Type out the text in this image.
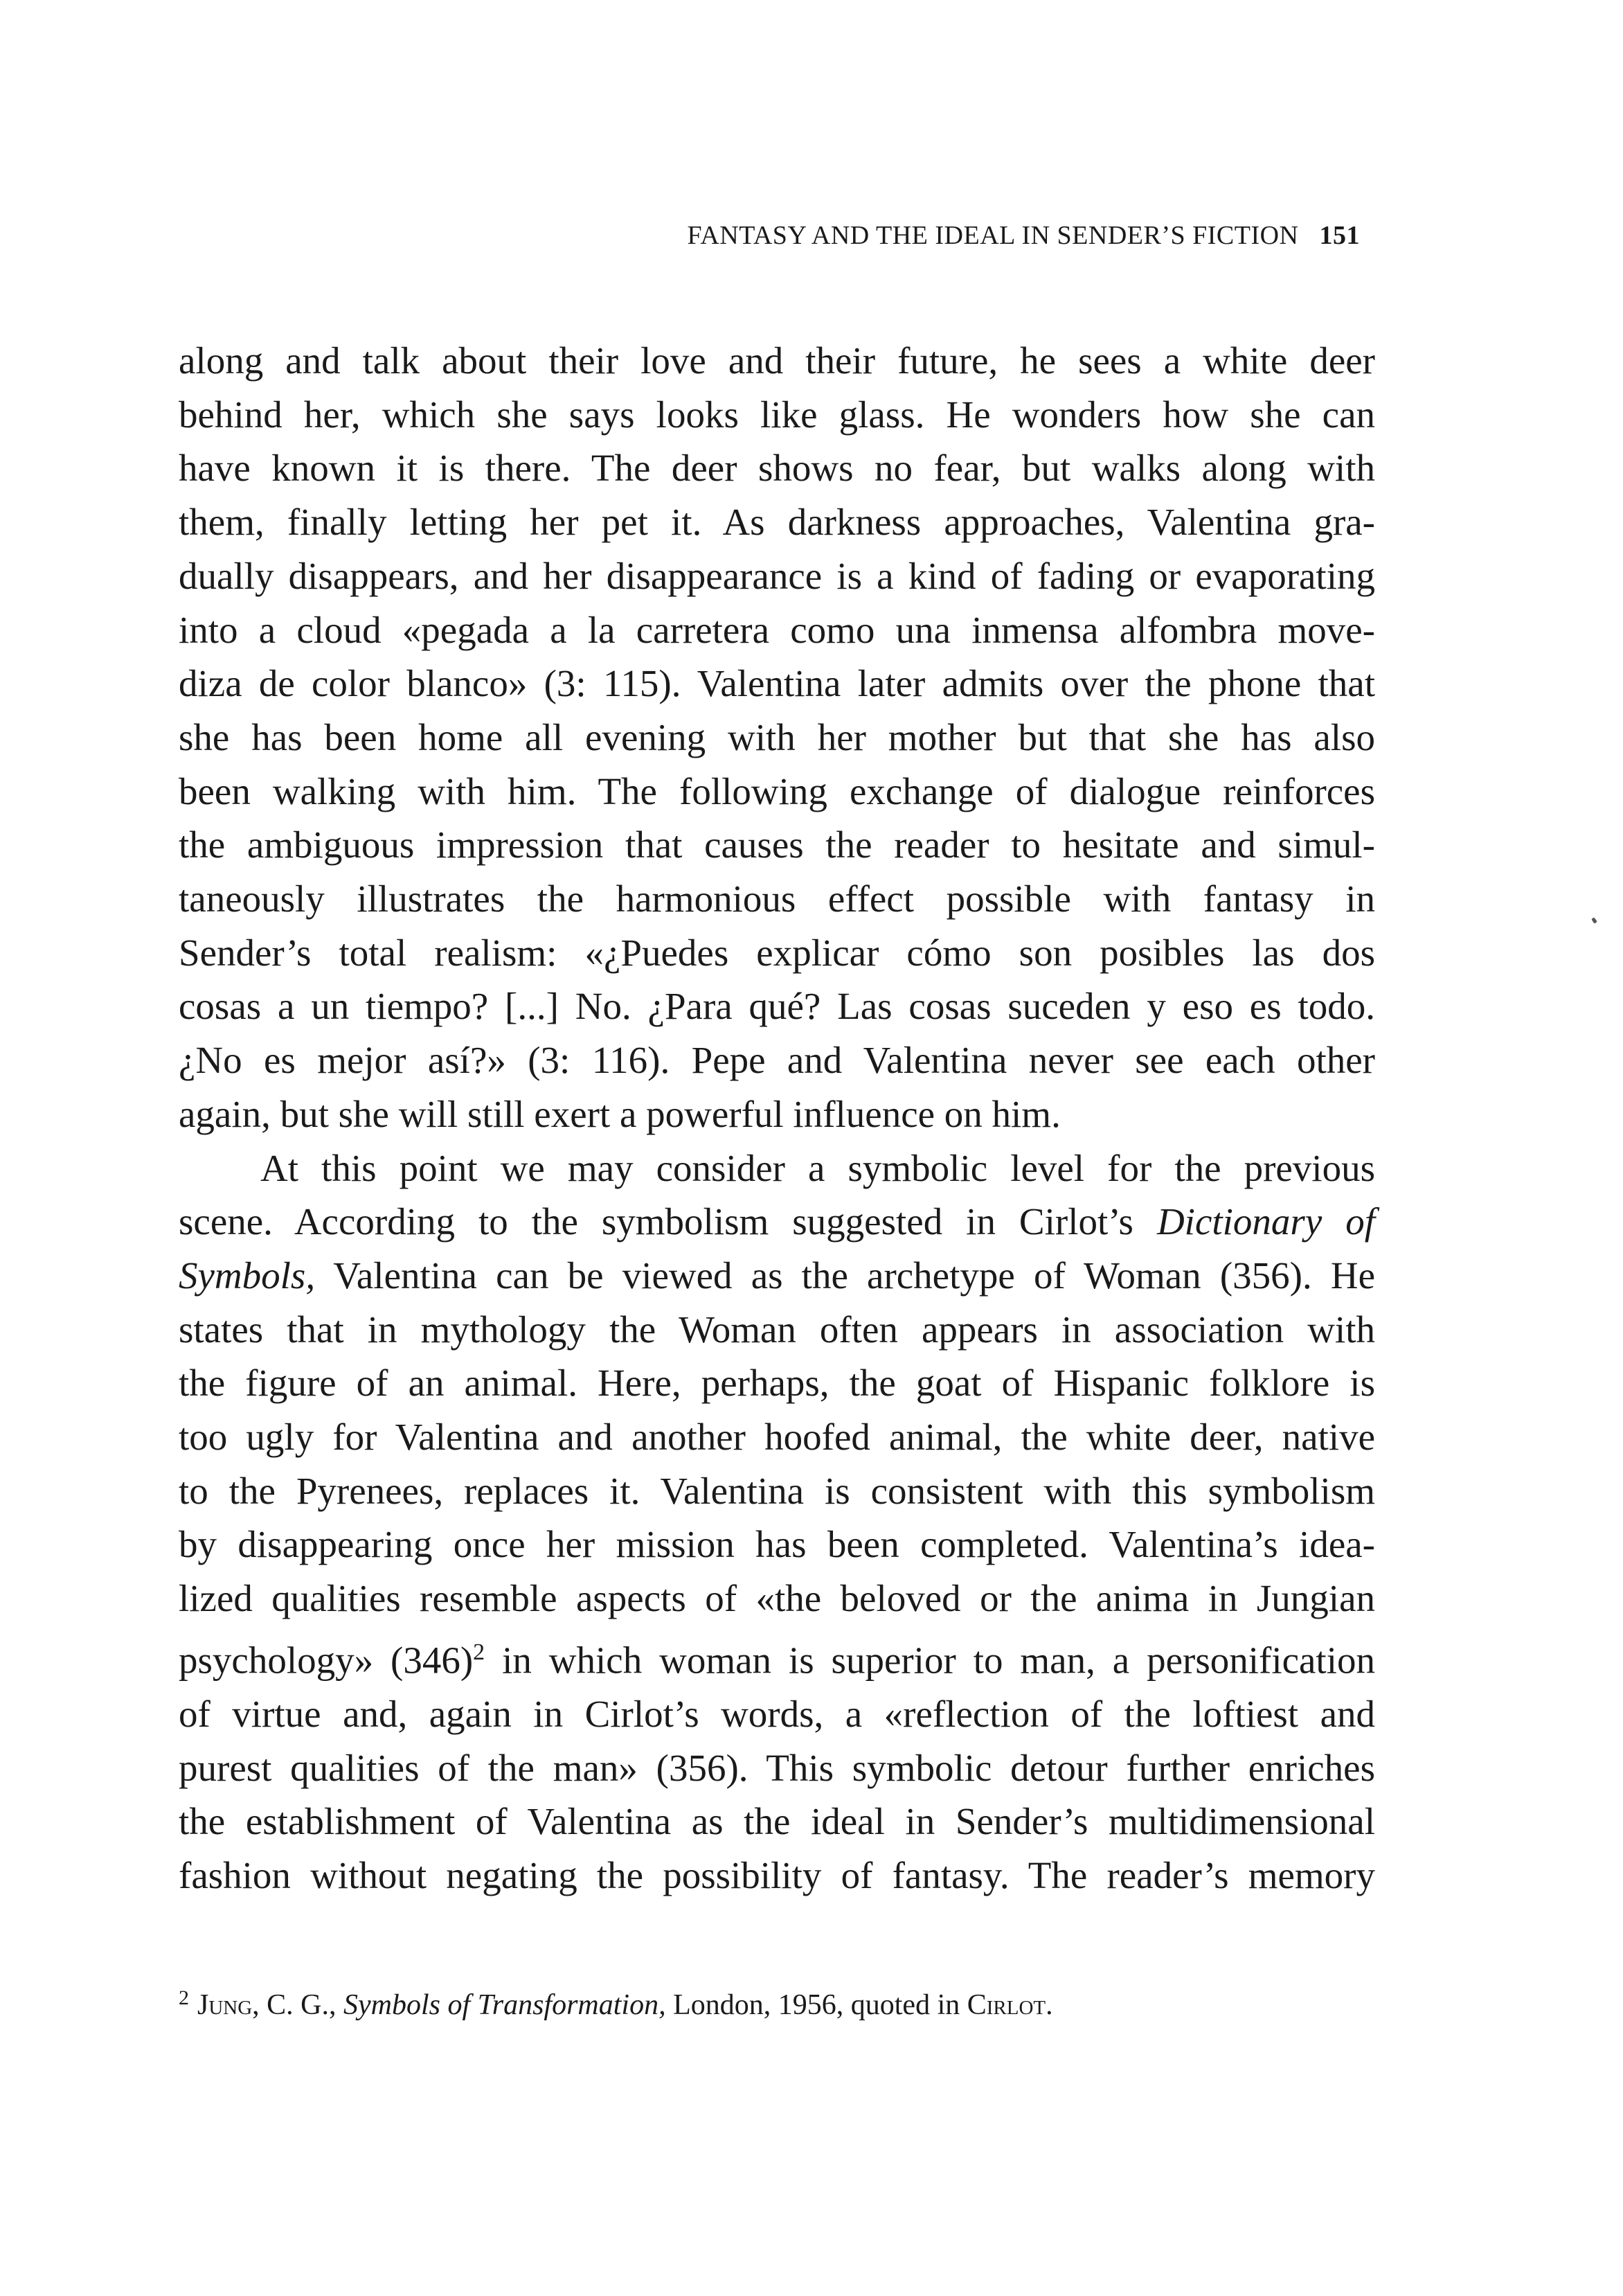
FANTASY AND THE IDEAL IN SENDER’S FICTION 151
along and talk about their love and their future, he sees a white deer
behind her, which she says looks like glass. He wonders how she can
have known it is there. The deer shows no fear, but walks along with
them, finally letting her pet it. As darkness approaches, Valentina gra-
dually disappears, and her disappearance is a kind of fading or evaporating
into a cloud «pegada a la carretera como una inmensa alfombra move-
diza de color blanco» (3: 115). Valentina later admits over the phone that
she has been home all evening with her mother but that she has also
been walking with him. The following exchange of dialogue reinforces
the ambiguous impression that causes the reader to hesitate and simul-
taneously illustrates the harmonious effect possible with fantasy in
Sender’s total realism: «¿Puedes explicar cómo son posibles las dos
cosas a un tiempo? [...] No. ¿Para qué? Las cosas suceden y eso es todo.
¿No es mejor así?» (3: 116). Pepe and Valentina never see each other
again, but she will still exert a powerful influence on him.
At this point we may consider a symbolic level for the previous
scene. According to the symbolism suggested in Cirlot’s Dictionary of
Symbols, Valentina can be viewed as the archetype of Woman (356). He
states that in mythology the Woman often appears in association with
the figure of an animal. Here, perhaps, the goat of Hispanic folklore is
too ugly for Valentina and another hoofed animal, the white deer, native
to the Pyrenees, replaces it. Valentina is consistent with this symbolism
by disappearing once her mission has been completed. Valentina’s idea-
lized qualities resemble aspects of «the beloved or the anima in Jungian
psychology» $(346)^2$ in which woman is superior to man, a personification
of virtue and, again in Cirlot’s words, a «reflection of the loftiest and
purest qualities of the man» (356). This symbolic detour further enriches
the establishment of Valentina as the ideal in Sender’s multidimensional
fashion without negating the possibility of fantasy. The reader’s memory
$^2$ Jung, C. G., Symbols of Transformation, London, 1956, quoted in Cirlot.
